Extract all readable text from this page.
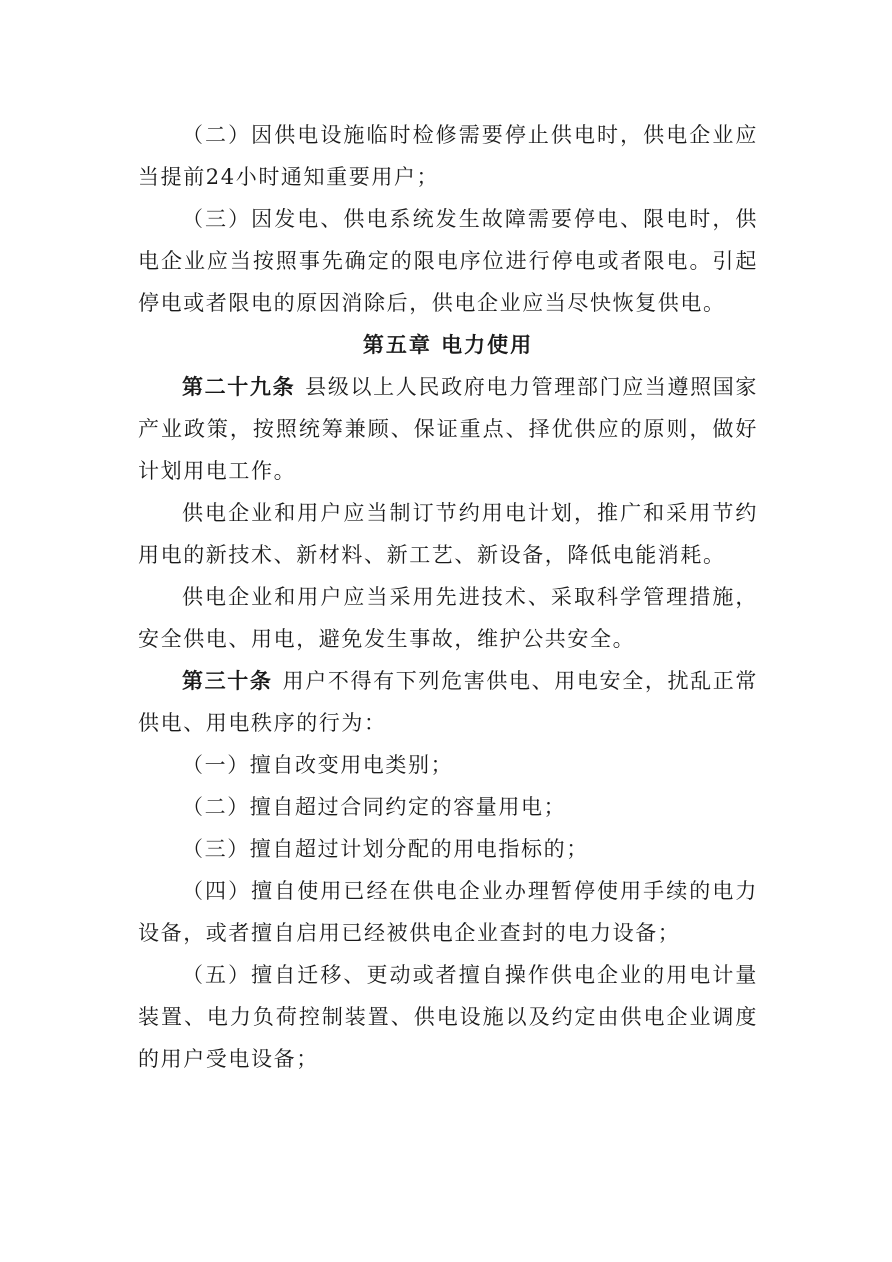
（二）因供电设施临时检修需要停止供电时，供电企业应当提前24小时通知重要用户；

（三）因发电、供电系统发生故障需要停电、限电时，供电企业应当按照事先确定的限电序位进行停电或者限电。引起停电或者限电的原因消除后，供电企业应当尽快恢复供电。

第五章 电力使用

第二十九条 县级以上人民政府电力管理部门应当遵照国家产业政策，按照统筹兼顾、保证重点、择优供应的原则，做好计划用电工作。

供电企业和用户应当制订节约用电计划，推广和采用节约用电的新技术、新材料、新工艺、新设备，降低电能消耗。

供电企业和用户应当采用先进技术、采取科学管理措施，安全供电、用电，避免发生事故，维护公共安全。

第三十条 用户不得有下列危害供电、用电安全，扰乱正常供电、用电秩序的行为：

（一）擅自改变用电类别；

（二）擅自超过合同约定的容量用电；

（三）擅自超过计划分配的用电指标的；

（四）擅自使用已经在供电企业办理暂停使用手续的电力设备，或者擅自启用已经被供电企业查封的电力设备；

（五）擅自迁移、更动或者擅自操作供电企业的用电计量装置、电力负荷控制装置、供电设施以及约定由供电企业调度的用户受电设备；
